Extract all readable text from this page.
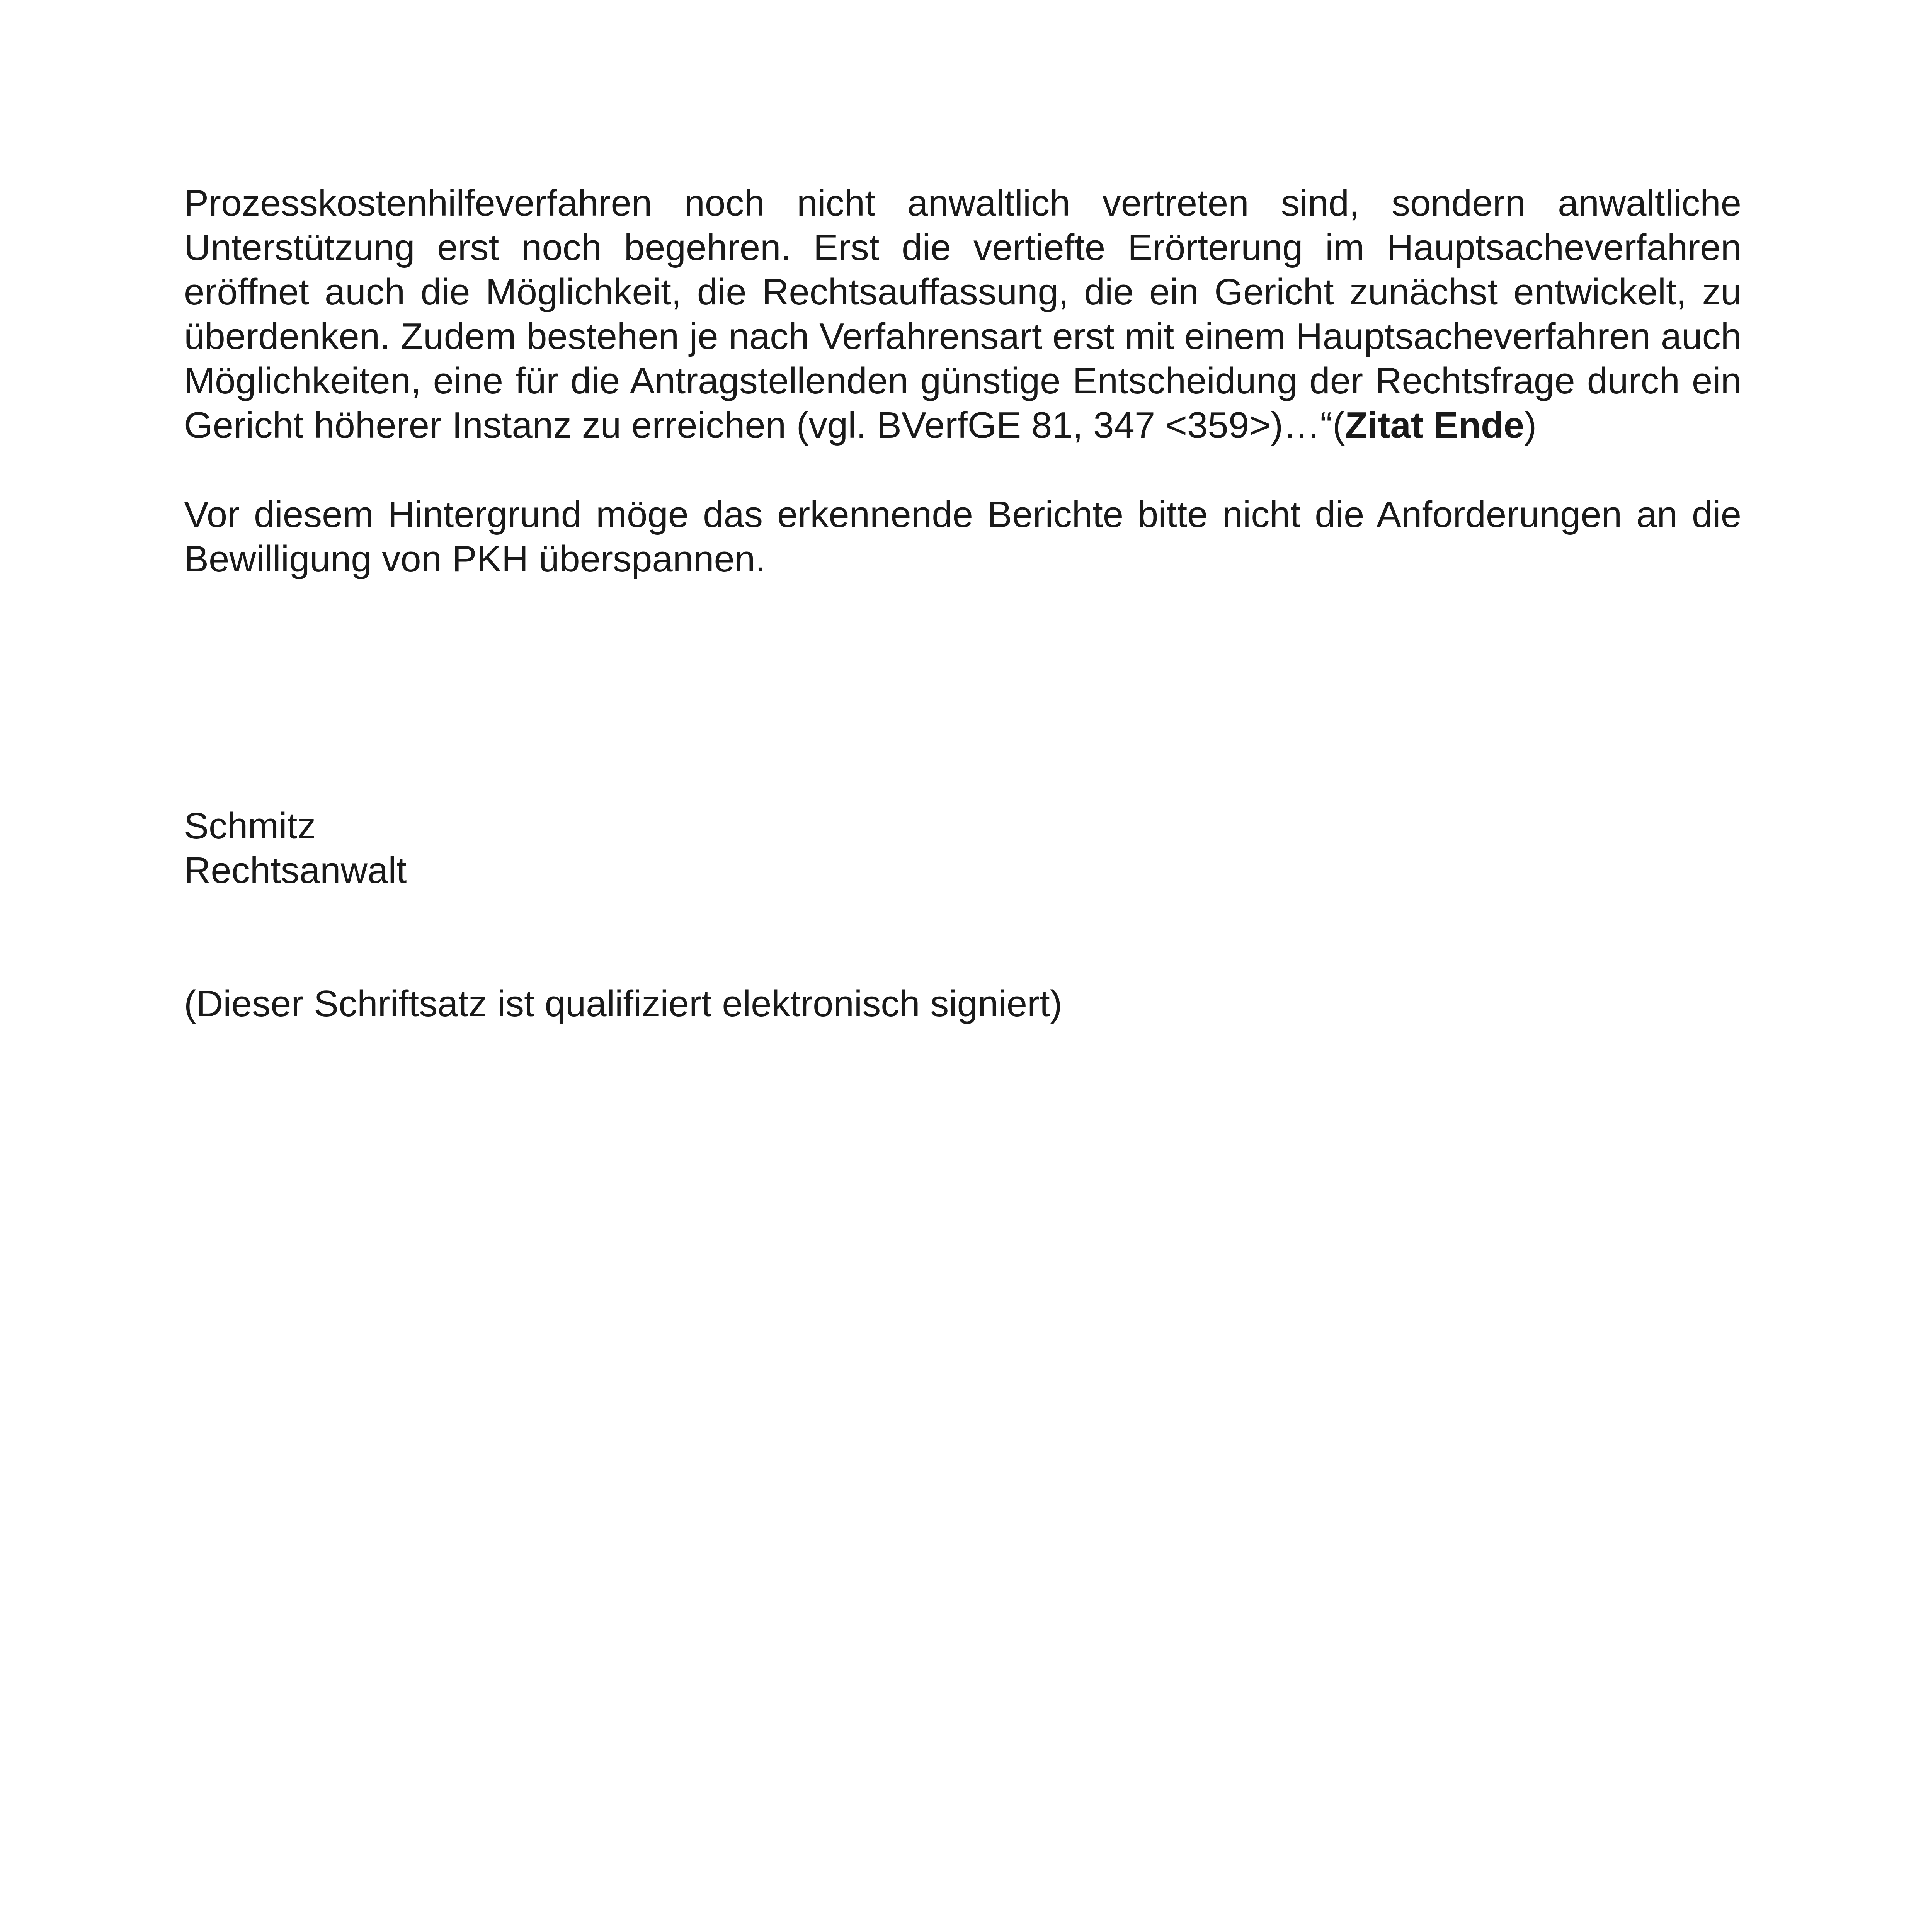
Prozesskostenhilfeverfahren noch nicht anwaltlich vertreten sind, sondern anwaltliche Unterstützung erst noch begehren. Erst die vertiefte Erörterung im Hauptsacheverfahren eröffnet auch die Möglichkeit, die Rechtsauffassung, die ein Gericht zunächst entwickelt, zu überdenken. Zudem bestehen je nach Verfahrensart erst mit einem Hauptsacheverfahren auch Möglichkeiten, eine für die Antragstellenden günstige Entscheidung der Rechtsfrage durch ein Gericht höherer Instanz zu erreichen (vgl. BVerfGE 81, 347 <359>)…“(Zitat Ende)
Vor diesem Hintergrund möge das erkennende Berichte bitte nicht die Anforderungen an die Bewilligung von PKH überspannen.
Schmitz
Rechtsanwalt
(Dieser Schriftsatz ist qualifiziert elektronisch signiert)
